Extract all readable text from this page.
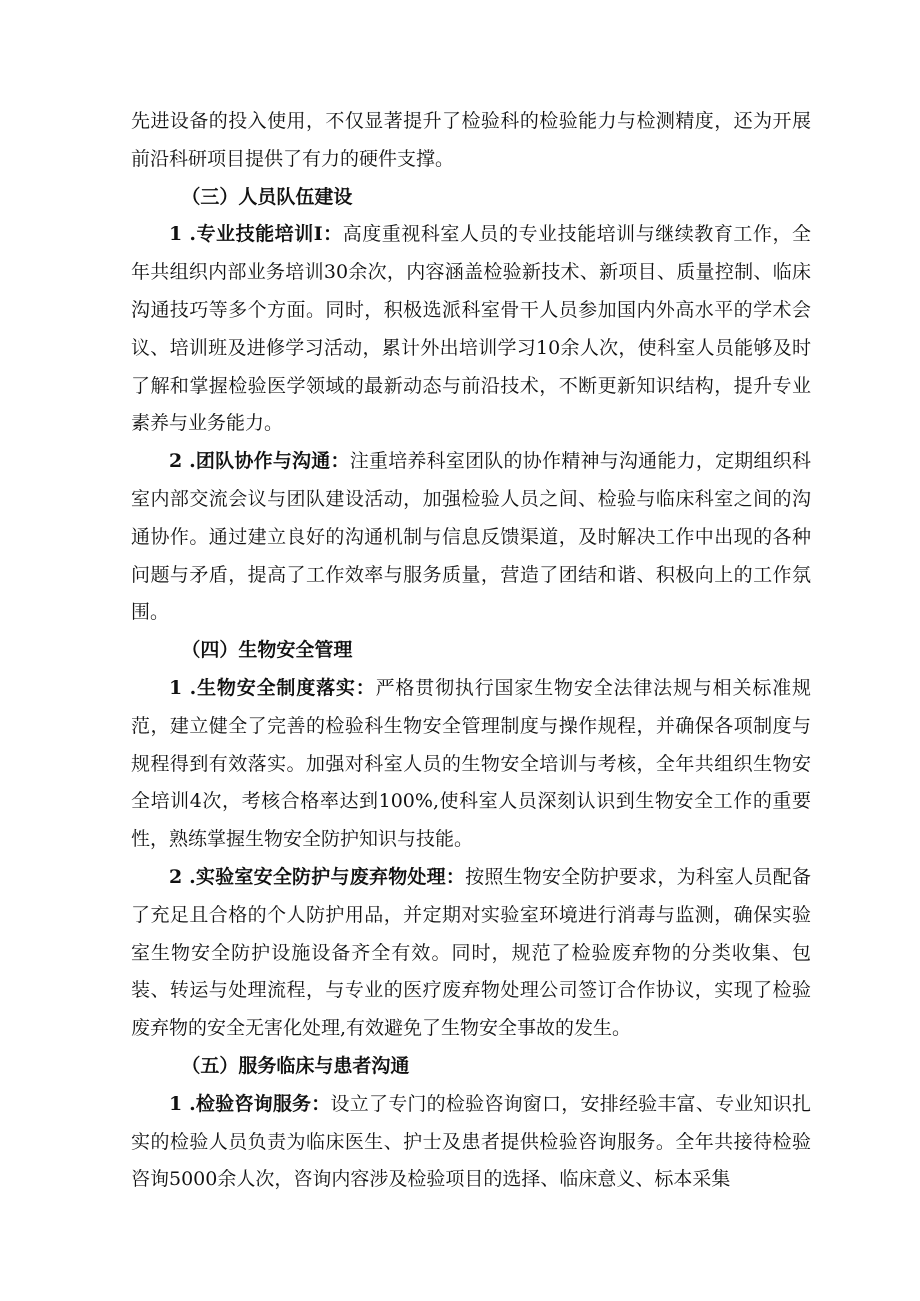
先进设备的投入使用，不仅显著提升了检验科的检验能力与检测精度，还为开展前沿科研项目提供了有力的硬件支撑。

（三）人员队伍建设

1 .专业技能培训I：高度重视科室人员的专业技能培训与继续教育工作，全年共组织内部业务培训30余次，内容涵盖检验新技术、新项目、质量控制、临床沟通技巧等多个方面。同时，积极选派科室骨干人员参加国内外高水平的学术会议、培训班及进修学习活动，累计外出培训学习10余人次，使科室人员能够及时了解和掌握检验医学领域的最新动态与前沿技术，不断更新知识结构，提升专业素养与业务能力。

2 .团队协作与沟通：注重培养科室团队的协作精神与沟通能力，定期组织科室内部交流会议与团队建设活动，加强检验人员之间、检验与临床科室之间的沟通协作。通过建立良好的沟通机制与信息反馈渠道，及时解决工作中出现的各种问题与矛盾，提高了工作效率与服务质量，营造了团结和谐、积极向上的工作氛围。

（四）生物安全管理

1 .生物安全制度落实：严格贯彻执行国家生物安全法律法规与相关标准规范，建立健全了完善的检验科生物安全管理制度与操作规程，并确保各项制度与规程得到有效落实。加强对科室人员的生物安全培训与考核，全年共组织生物安全培训4次，考核合格率达到100%,使科室人员深刻认识到生物安全工作的重要性，熟练掌握生物安全防护知识与技能。

2 .实验室安全防护与废弃物处理：按照生物安全防护要求，为科室人员配备了充足且合格的个人防护用品，并定期对实验室环境进行消毒与监测，确保实验室生物安全防护设施设备齐全有效。同时，规范了检验废弃物的分类收集、包装、转运与处理流程，与专业的医疗废弃物处理公司签订合作协议，实现了检验废弃物的安全无害化处理,有效避免了生物安全事故的发生。

（五）服务临床与患者沟通

1 .检验咨询服务：设立了专门的检验咨询窗口，安排经验丰富、专业知识扎实的检验人员负责为临床医生、护士及患者提供检验咨询服务。全年共接待检验咨询5000余人次，咨询内容涉及检验项目的选择、临床意义、标本采集
